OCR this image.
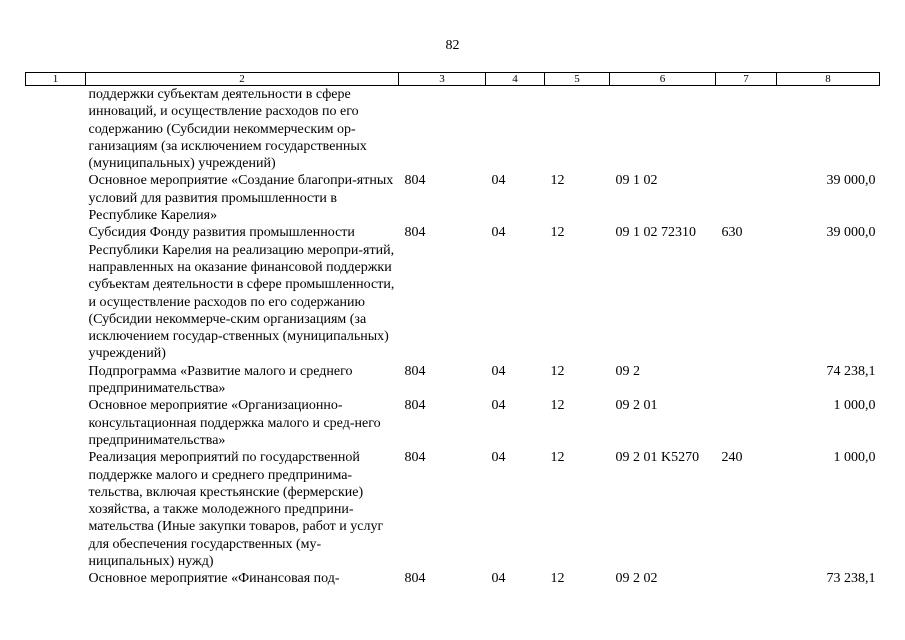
82
1	2	3	4	5	6	7	8
	поддержки субъектам деятельности в сфере инноваций, и осуществление расходов по его содержанию (Субсидии некоммерческим ор-ганизациям (за исключением государственных (муниципальных) учреждений)						
	Основное мероприятие «Создание благопри-ятных условий для развития промышленности в Республике Карелия»	804	04	12	09 1 02		39 000,0
	Субсидия Фонду развития промышленности Республики Карелия на реализацию меропри-ятий, направленных на оказание финансовой поддержки субъектам деятельности в сфере промышленности, и осуществление расходов по его содержанию (Субсидии некоммерче-ским организациям (за исключением государ-ственных (муниципальных) учреждений)	804	04	12	09 1 02 72310	630	39 000,0
	Подпрограмма «Развитие малого и среднего предпринимательства»	804	04	12	09 2		74 238,1
	Основное мероприятие «Организационно-консультационная поддержка малого и сред-него предпринимательства»	804	04	12	09 2 01		1 000,0
	Реализация мероприятий по государственной поддержке малого и среднего предпринима-тельства, включая крестьянские (фермерские) хозяйства, а также молодежного предприни-мательства (Иные закупки товаров, работ и услуг для обеспечения государственных (му-ниципальных) нужд)	804	04	12	09 2 01 K5270	240	1 000,0
	Основное мероприятие «Финансовая под-	804	04	12	09 2 02		73 238,1
